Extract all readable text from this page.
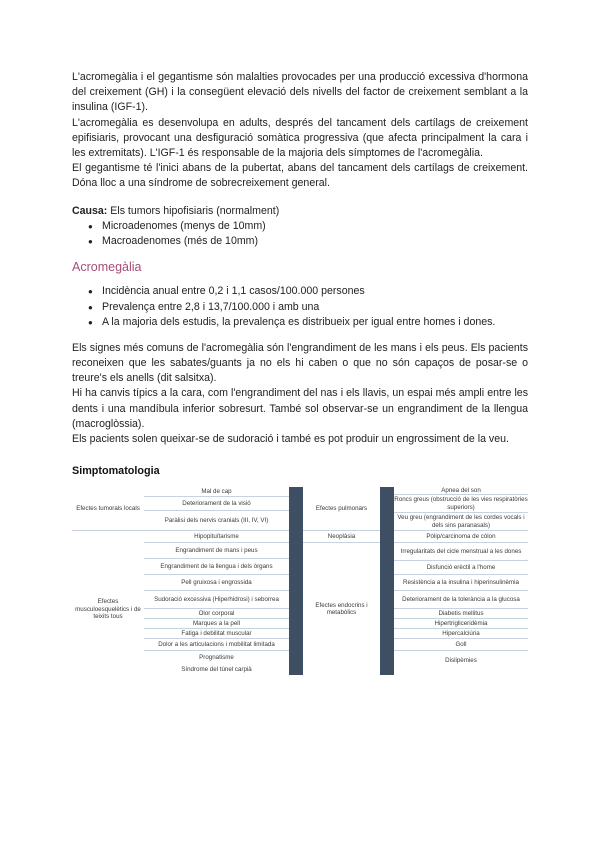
L'acromegàlia i el gegantisme són malalties provocades per una producció excessiva d'hormona del creixement (GH) i la consegüent elevació dels nivells del factor de creixement semblant a la insulina (IGF-1).

L'acromegàlia es desenvolupa en adults, després del tancament dels cartílags de creixement epifisiaris, provocant una desfiguració somàtica progressiva (que afecta principalment la cara i les extremitats). L'IGF-1 és responsable de la majoria dels símptomes de l'acromegàlia.

El gegantisme té l'inici abans de la pubertat, abans del tancament dels cartílags de creixement. Dóna lloc a una síndrome de sobrecreixement general.

Causa: Els tumors hipofisiaris (normalment)
● Microadenomes (menys de 10mm)
● Macroadenomes (més de 10mm)
Acromegàlia
● Incidència anual entre 0,2 i 1,1 casos/100.000 persones
● Prevalença entre 2,8 i 13,7/100.000 i amb una
● A la majoria dels estudis, la prevalença es distribueix per igual entre homes i dones.

Els signes més comuns de l'acromegàlia són l'engrandiment de les mans i els peus. Els pacients reconeixen que les sabates/guants ja no els hi caben o que no són capaços de posar-se o treure's els anells (dit salsitxa).

Hi ha canvis típics a la cara, com l'engrandiment del nas i els llavis, un espai més ampli entre les dents i una mandíbula inferior sobresurt. També sol observar-se un engrandiment de la llengua (macroglòssia).

Els pacients solen queixar-se de sudoració i també es pot produir un engrossiment de la veu.

Simptomatologia
Efectes tumorals locals
Efectes musculoesquelètics i de teixits tous
Mal de cap
Deteriorament de la visió
Paràlisi dels nervis cranials (III, IV, VI)
Hipopituïtarisme
Engrandiment de mans i peus
Engrandiment de la llengua i dels òrgans
Pell gruixosa i engrossida
Sudoració excessiva (Hiperhidrosi) i seborrea
Olor corporal
Marques a la pell
Fatiga i debilitat muscular
Dolor a les articulacions i mobilitat limitada
Prognatisme
Síndrome del túnel carpià
Efectes pulmonars
Neoplàsia
Efectes endocrins i metabòlics
Apnea del son
Roncs greus (obstrucció de les vies respiratòries superiors)
Veu greu (engrandiment de les cordes vocals i dels sins paranasals)
Pòlip/carcinoma de còlon
Irregularitats del cicle menstrual a les dones
Disfunció erèctil a l'home
Resistència a la insulina i hiperinsulinèmia
Deteriorament de la tolerància a la glucosa
Diabetis mellitus
Hipertrigliceridèmia
Hipercalciúria
Goll
Dislipèmies
